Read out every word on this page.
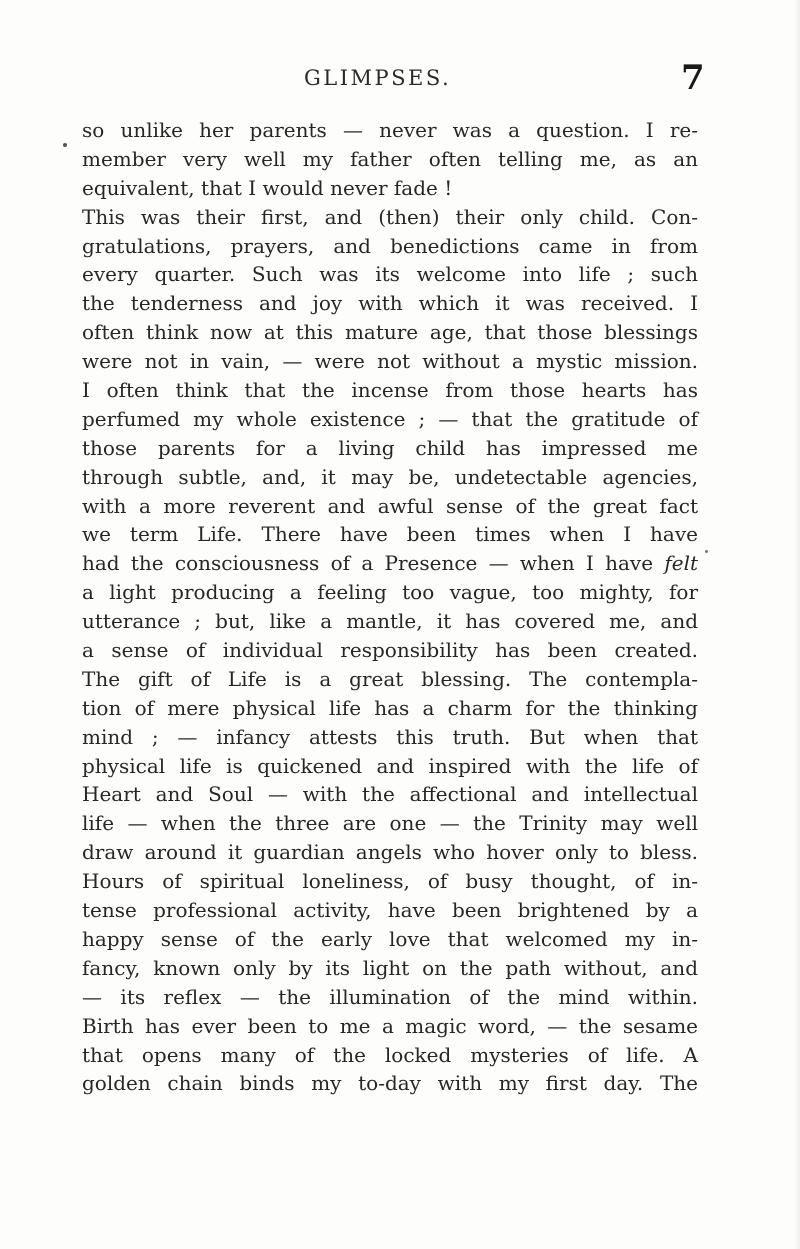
GLIMPSES.	7
so unlike her parents — never was a question. I re-
member very well my father often telling me, as an
equivalent, that I would never fade !
This was their first, and (then) their only child. Con-
gratulations, prayers, and benedictions came in from
every quarter. Such was its welcome into life ; such
the tenderness and joy with which it was received. I
often think now at this mature age, that those blessings
were not in vain, — were not without a mystic mission.
I often think that the incense from those hearts has
perfumed my whole existence ; — that the gratitude of
those parents for a living child has impressed me
through subtle, and, it may be, undetectable agencies,
with a more reverent and awful sense of the great fact
we term Life. There have been times when I have
had the consciousness of a Presence — when I have felt
a light producing a feeling too vague, too mighty, for
utterance ; but, like a mantle, it has covered me, and
a sense of individual responsibility has been created.
The gift of Life is a great blessing. The contempla-
tion of mere physical life has a charm for the thinking
mind ; — infancy attests this truth. But when that
physical life is quickened and inspired with the life of
Heart and Soul — with the affectional and intellectual
life — when the three are one — the Trinity may well
draw around it guardian angels who hover only to bless.
Hours of spiritual loneliness, of busy thought, of in-
tense professional activity, have been brightened by a
happy sense of the early love that welcomed my in-
fancy, known only by its light on the path without, and
— its reflex — the illumination of the mind within.
Birth has ever been to me a magic word, — the sesame
that opens many of the locked mysteries of life. A
golden chain binds my to-day with my first day. The
